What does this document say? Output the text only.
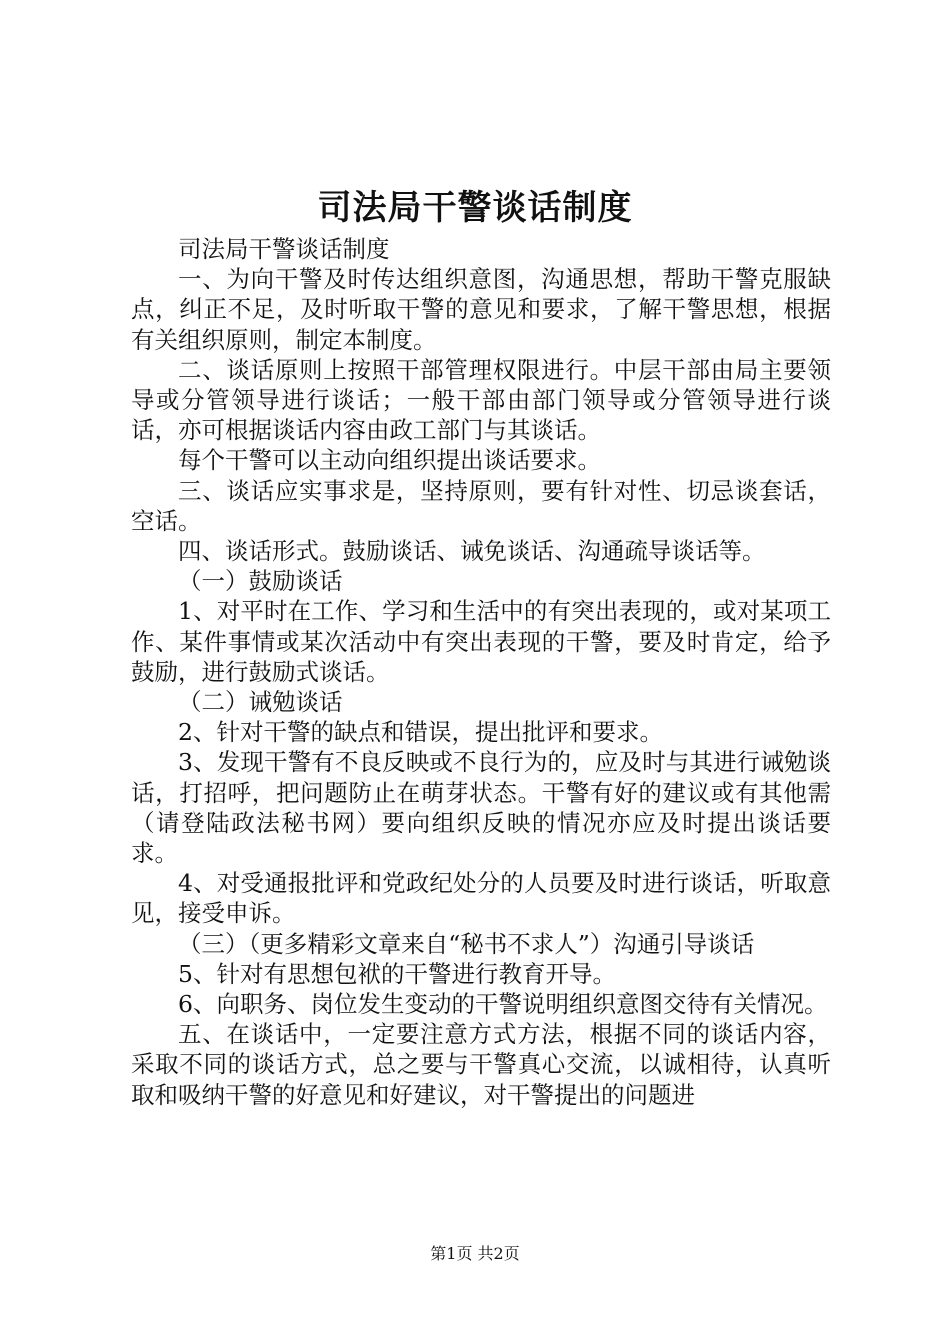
司法局干警谈话制度

司法局干警谈话制度

一、为向干警及时传达组织意图，沟通思想，帮助干警克服缺点，纠正不足，及时听取干警的意见和要求，了解干警思想，根据有关组织原则，制定本制度。

二、谈话原则上按照干部管理权限进行。中层干部由局主要领导或分管领导进行谈话；一般干部由部门领导或分管领导进行谈话，亦可根据谈话内容由政工部门与其谈话。

每个干警可以主动向组织提出谈话要求。

三、谈话应实事求是，坚持原则，要有针对性、切忌谈套话，空话。

四、谈话形式。鼓励谈话、诫免谈话、沟通疏导谈话等。

（一）鼓励谈话

1、对平时在工作、学习和生活中的有突出表现的，或对某项工作、某件事情或某次活动中有突出表现的干警，要及时肯定，给予鼓励，进行鼓励式谈话。

（二）诫勉谈话

2、针对干警的缺点和错误，提出批评和要求。

3、发现干警有不良反映或不良行为的，应及时与其进行诫勉谈话，打招呼，把问题防止在萌芽状态。干警有好的建议或有其他需（请登陆政法秘书网）要向组织反映的情况亦应及时提出谈话要求。

4、对受通报批评和党政纪处分的人员要及时进行谈话，听取意见，接受申诉。

（三）（更多精彩文章来自“秘书不求人”）沟通引导谈话

5、针对有思想包袱的干警进行教育开导。

6、向职务、岗位发生变动的干警说明组织意图交待有关情况。

五、在谈话中，一定要注意方式方法，根据不同的谈话内容，采取不同的谈话方式，总之要与干警真心交流，以诚相待，认真听取和吸纳干警的好意见和好建议，对干警提出的问题进

第1页 共2页
